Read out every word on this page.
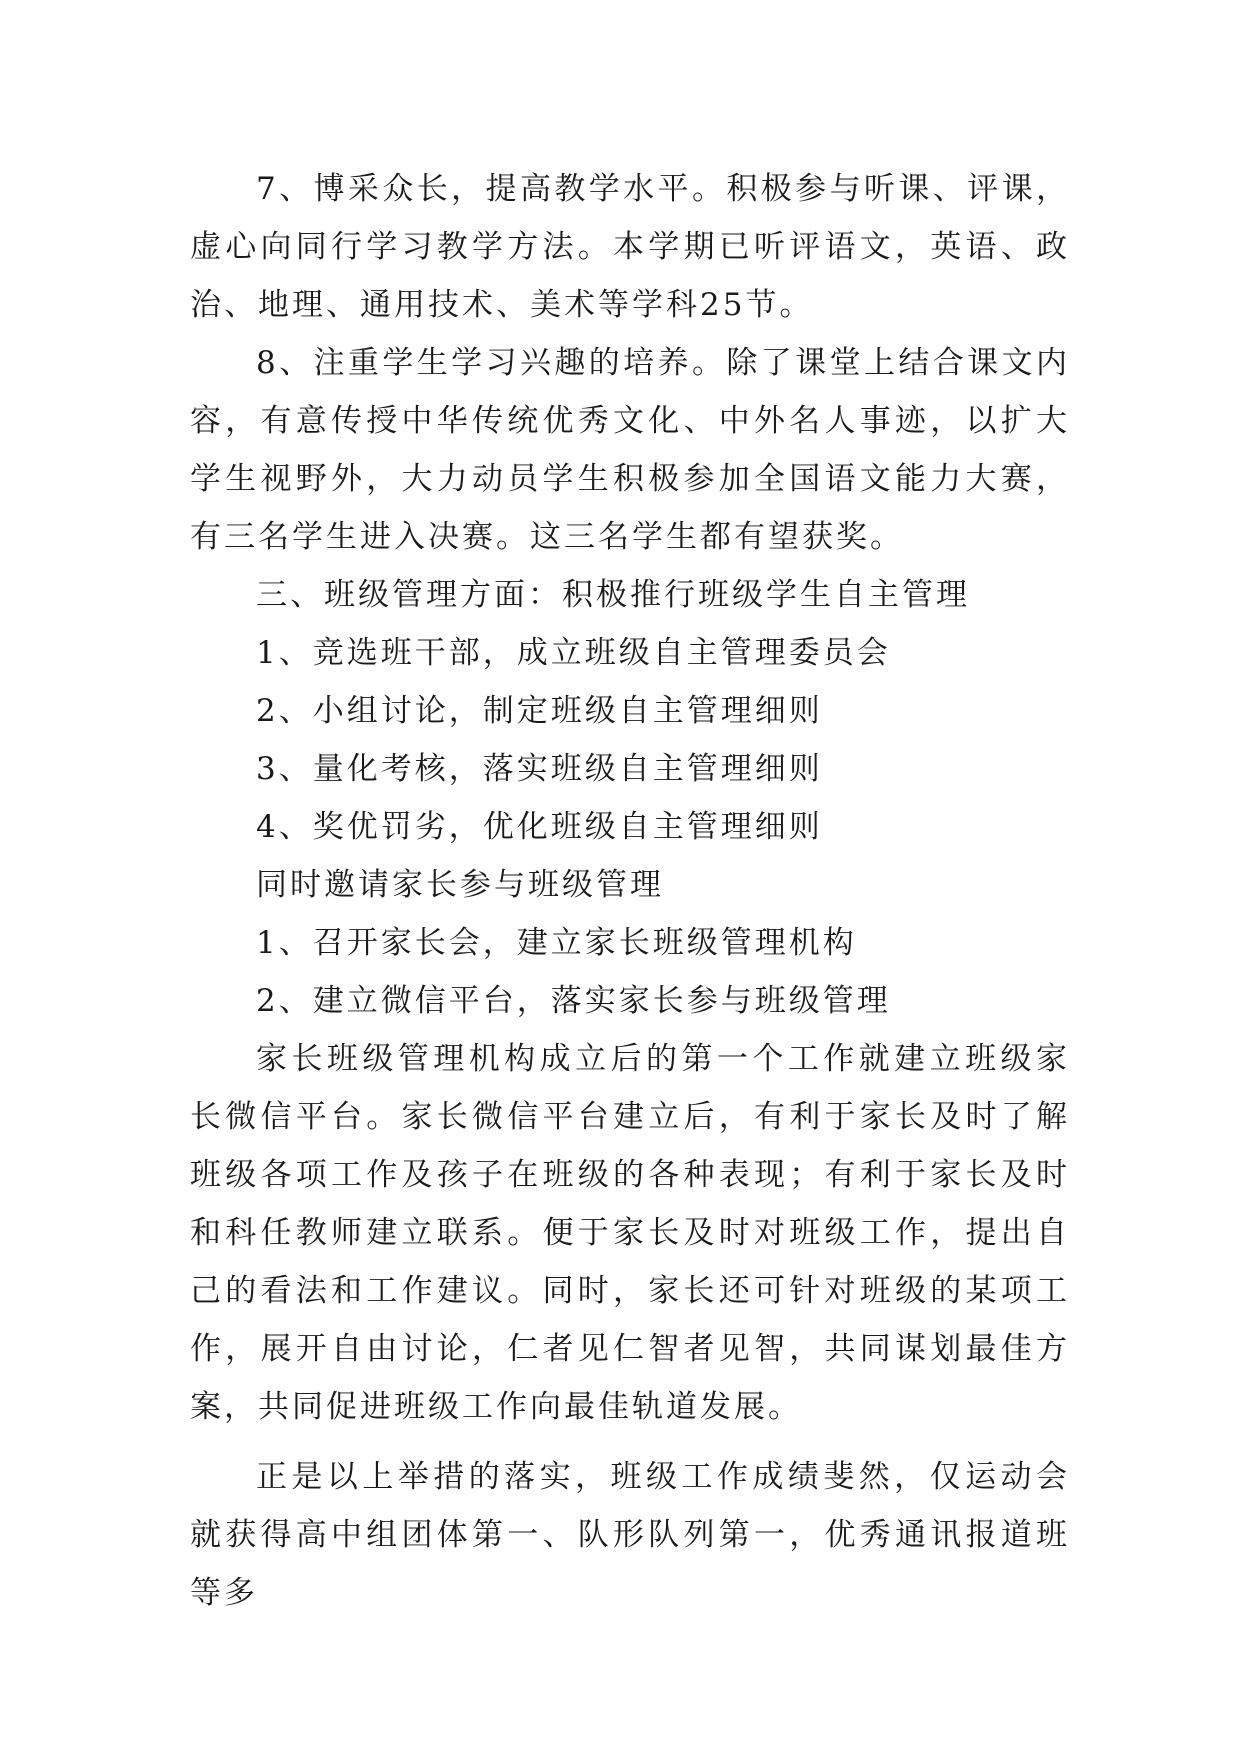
7、博采众长，提高教学水平。积极参与听课、评课，虚心向同行学习教学方法。本学期已听评语文，英语、政治、地理、通用技术、美术等学科25节。

8、注重学生学习兴趣的培养。除了课堂上结合课文内容，有意传授中华传统优秀文化、中外名人事迹，以扩大学生视野外，大力动员学生积极参加全国语文能力大赛，有三名学生进入决赛。这三名学生都有望获奖。

三、班级管理方面：积极推行班级学生自主管理

1、竞选班干部，成立班级自主管理委员会

2、小组讨论，制定班级自主管理细则

3、量化考核，落实班级自主管理细则

4、奖优罚劣，优化班级自主管理细则

同时邀请家长参与班级管理

1、召开家长会，建立家长班级管理机构

2、建立微信平台，落实家长参与班级管理

家长班级管理机构成立后的第一个工作就建立班级家长微信平台。家长微信平台建立后，有利于家长及时了解班级各项工作及孩子在班级的各种表现；有利于家长及时和科任教师建立联系。便于家长及时对班级工作，提出自己的看法和工作建议。同时，家长还可针对班级的某项工作，展开自由讨论，仁者见仁智者见智，共同谋划最佳方案，共同促进班级工作向最佳轨道发展。

正是以上举措的落实，班级工作成绩斐然，仅运动会就获得高中组团体第一、队形队列第一，优秀通讯报道班等多
